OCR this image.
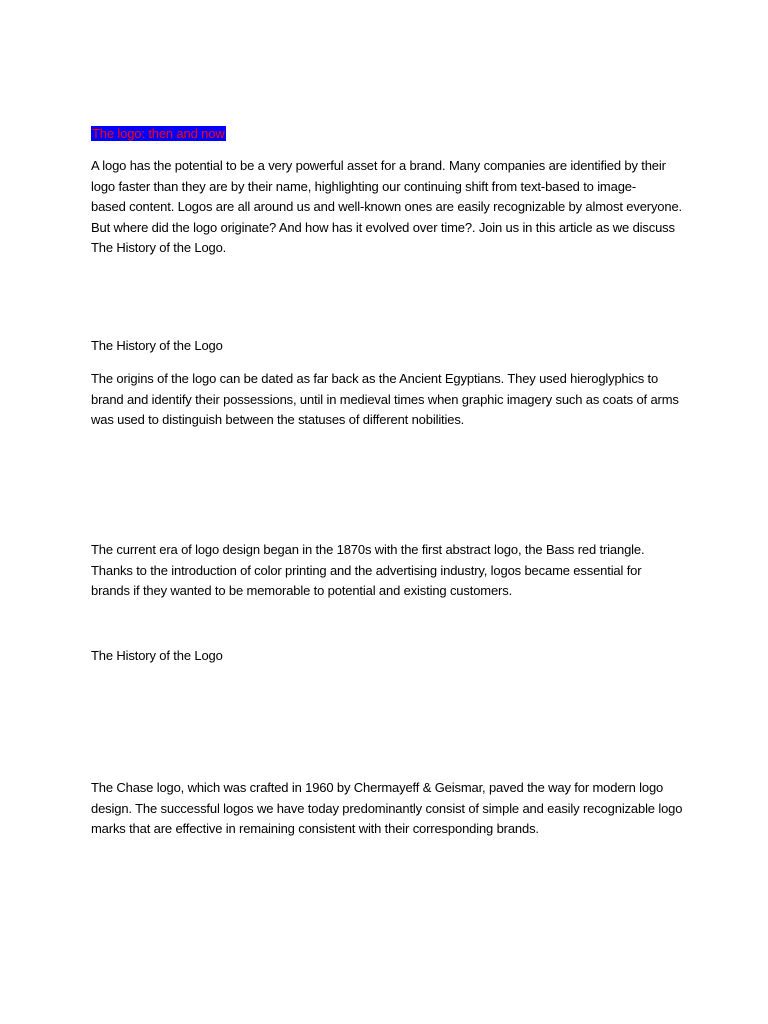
The logo: then and now
A logo has the potential to be a very powerful asset for a brand. Many companies are identified by their
logo faster than they are by their name, highlighting our continuing shift from text-based to image-
based content. Logos are all around us and well-known ones are easily recognizable by almost everyone.
But where did the logo originate? And how has it evolved over time?. Join us in this article as we discuss
The History of the Logo.
The History of the Logo
The origins of the logo can be dated as far back as the Ancient Egyptians. They used hieroglyphics to
brand and identify their possessions, until in medieval times when graphic imagery such as coats of arms
was used to distinguish between the statuses of different nobilities.
The current era of logo design began in the 1870s with the first abstract logo, the Bass red triangle.
Thanks to the introduction of color printing and the advertising industry, logos became essential for
brands if they wanted to be memorable to potential and existing customers.
The History of the Logo
The Chase logo, which was crafted in 1960 by Chermayeff & Geismar, paved the way for modern logo
design. The successful logos we have today predominantly consist of simple and easily recognizable logo
marks that are effective in remaining consistent with their corresponding brands.
